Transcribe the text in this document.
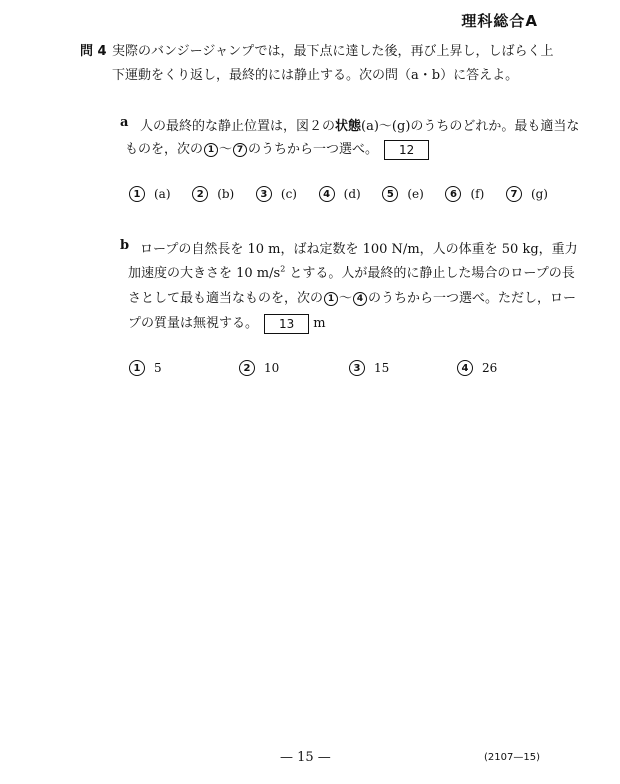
理科総合A
問 4 実際のバンジージャンプでは，最下点に達した後，再び上昇し，しばらく上
下運動をくり返し，最終的には静止する。次の問（a・b）に答えよ。
a 人の最終的な静止位置は，図２の状態(a)〜(g)のうちのどれか。最も適当な
ものを，次の 1 〜 7 のうちから一つ選べ。 12
1	(a)	2	(b)	3	(c)	4	(d)	5	(e)	6	(f)	7	(g)
b ロープの自然長を 10 m，ばね定数を 100 N/m，人の体重を 50 kg，重力
加速度の大きさを 10 $m/s^2$ とする。人が最終的に静止した場合のロープの長
さとして最も適当なものを，次の 1 〜 4 のうちから一つ選べ。ただし，ロー
プの質量は無視する。 13 m
1	5	2	10	3	15	4	26
— 15 —	(2107—15)
